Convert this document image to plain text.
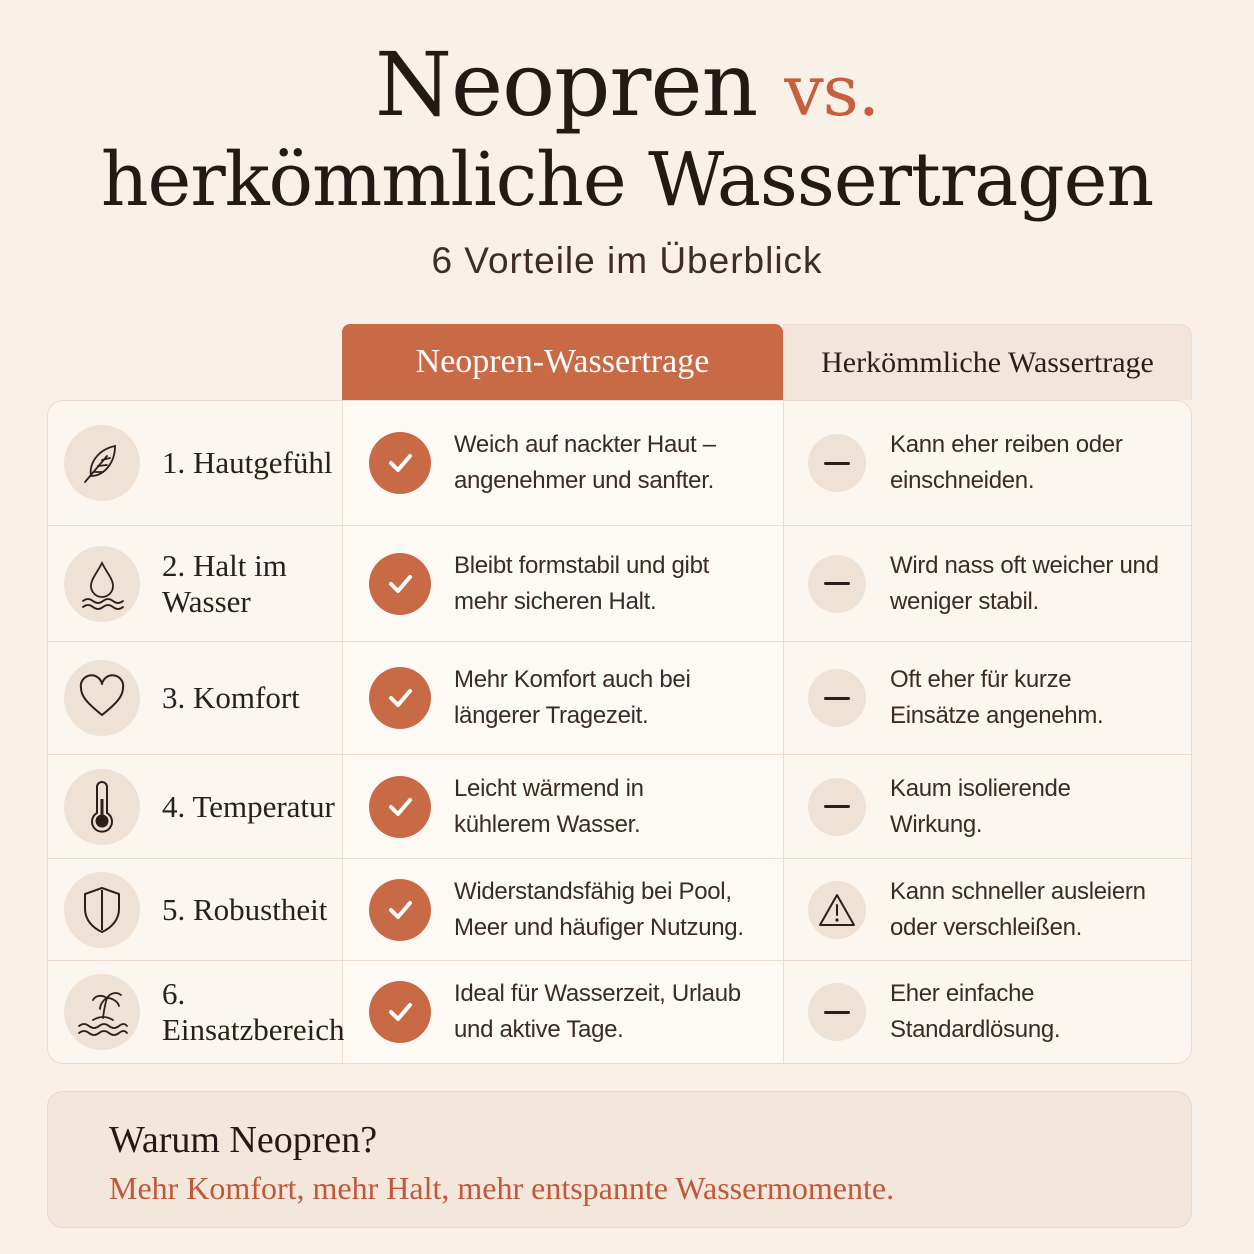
Neopren vs.
herkömmliche Wassertragen
6 Vorteile im Überblick
Neopren-Wassertrage	Herkömmliche Wassertrage
1. Hautgefühl
Weich auf nackter Haut –
angenehmer und sanfter.
Kann eher reiben oder
einschneiden.
2. Halt im
Wasser
Bleibt formstabil und gibt
mehr sicheren Halt.
Wird nass oft weicher und
weniger stabil.
3. Komfort
Mehr Komfort auch bei
längerer Tragezeit.
Oft eher für kurze
Einsätze angenehm.
4. Temperatur
Leicht wärmend in
kühlerem Wasser.
Kaum isolierende
Wirkung.
5. Robustheit
Widerstandsfähig bei Pool,
Meer und häufiger Nutzung.
Kann schneller ausleiern
oder verschleißen.
6. Einsatzbereich
Ideal für Wasserzeit, Urlaub
und aktive Tage.
Eher einfache
Standardlösung.
Warum Neopren?
Mehr Komfort, mehr Halt, mehr entspannte Wassermomente.
